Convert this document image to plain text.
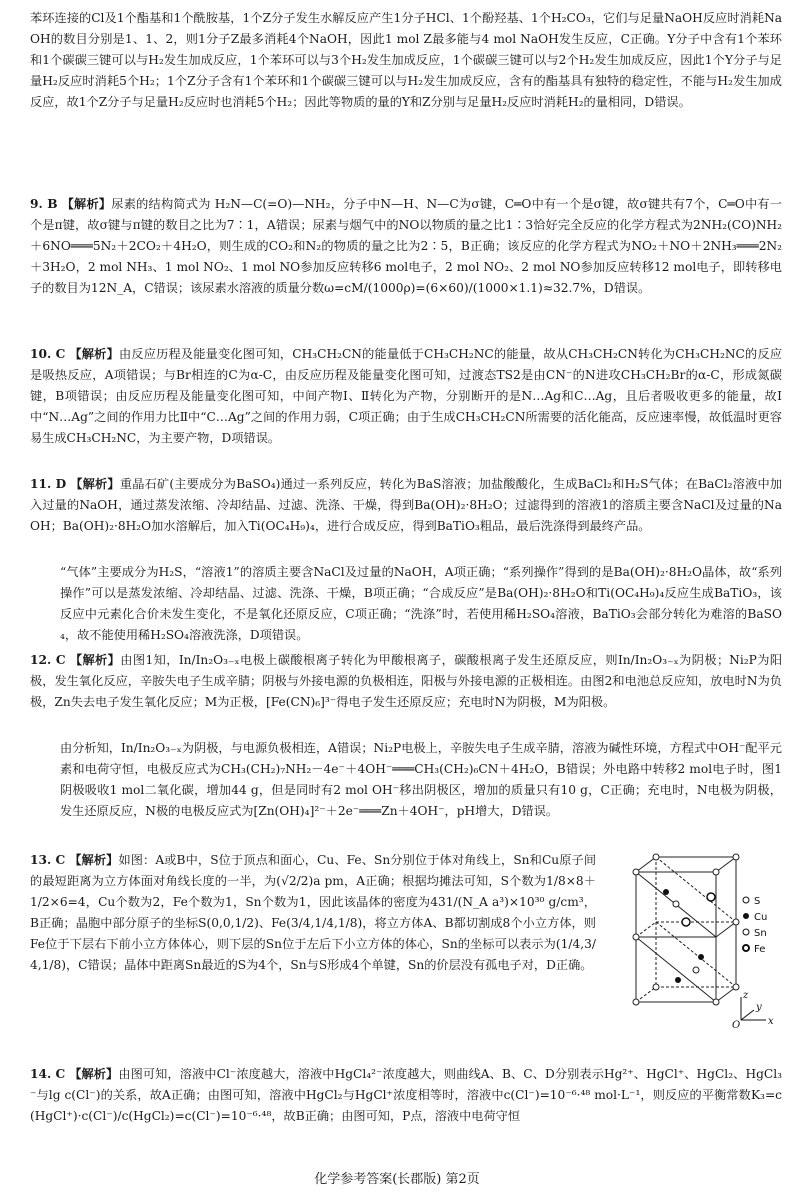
苯环连接的Cl及1个酯基和1个酰胺基，1个Z分子发生水解反应产生1分子HCl、1个酚羟基、1个H₂CO₃，它们与足量NaOH反应时消耗NaOH的数目分别是1、1、2，则1分子Z最多消耗4个NaOH，因此1 mol Z最多能与4 mol NaOH发生反应，C正确。Y分子中含有1个苯环和1个碳碳三键可以与H₂发生加成反应，1个苯环可以与3个H₂发生加成反应，1个碳碳三键可以与2个H₂发生加成反应，因此1个Y分子与足量H₂反应时消耗5个H₂；1个Z分子含有1个苯环和1个碳碳三键可以与H₂发生加成反应，含有的酯基具有独特的稳定性，不能与H₂发生加成反应，故1个Z分子与足量H₂反应时也消耗5个H₂；因此等物质的量的Y和Z分别与足量H₂反应时消耗H₂的量相同，D错误。
9. B 【解析】尿素的结构简式为 H₂N—C(=O)—NH₂，分子中N—H、N—C为σ键，C═O中有一个是σ键，故σ键共有7个，C═O中有一个是π键，故σ键与π键的数目之比为7∶1，A错误；尿素与烟气中的NO以物质的量之比1∶3恰好完全反应的化学方程式为2NH₂(CO)NH₂＋6NO═══5N₂＋2CO₂＋4H₂O，则生成的CO₂和N₂的物质的量之比为2∶5，B正确；该反应的化学方程式为NO₂＋NO＋2NH₃═══2N₂＋3H₂O，2 mol NH₃、1 mol NO₂、1 mol NO参加反应转移6 mol电子，2 mol NO₂、2 mol NO参加反应转移12 mol电子，即转移电子的数目为12N_A，C错误；该尿素水溶液的质量分数ω=cM/(1000ρ)=(6×60)/(1000×1.1)≈32.7%，D错误。
10. C 【解析】由反应历程及能量变化图可知，CH₃CH₂CN的能量低于CH₃CH₂NC的能量，故从CH₃CH₂CN转化为CH₃CH₂NC的反应是吸热反应，A项错误；与Br相连的C为α-C，由反应历程及能量变化图可知，过渡态TS2是由CN⁻的N进攻CH₃CH₂Br的α-C，形成氮碳键，B项错误；由反应历程及能量变化图可知，中间产物Ⅰ、Ⅱ转化为产物，分别断开的是N…Ag和C…Ag，且后者吸收更多的能量，故Ⅰ中“N…Ag”之间的作用力比Ⅱ中“C…Ag”之间的作用力弱，C项正确；由于生成CH₃CH₂CN所需要的活化能高，反应速率慢，故低温时更容易生成CH₃CH₂NC，为主要产物，D项错误。
11. D 【解析】重晶石矿(主要成分为BaSO₄)通过一系列反应，转化为BaS溶液；加盐酸酸化，生成BaCl₂和H₂S气体；在BaCl₂溶液中加入过量的NaOH，通过蒸发浓缩、冷却结晶、过滤、洗涤、干燥，得到Ba(OH)₂·8H₂O；过滤得到的溶液1的溶质主要含NaCl及过量的NaOH；Ba(OH)₂·8H₂O加水溶解后，加入Ti(OC₄H₉)₄，进行合成反应，得到BaTiO₃粗品，最后洗涤得到最终产品。
“气体”主要成分为H₂S，“溶液1”的溶质主要含NaCl及过量的NaOH，A项正确；“系列操作”得到的是Ba(OH)₂·8H₂O晶体，故“系列操作”可以是蒸发浓缩、冷却结晶、过滤、洗涤、干燥，B项正确；“合成反应”是Ba(OH)₂·8H₂O和Ti(OC₄H₉)₄反应生成BaTiO₃，该反应中元素化合价未发生变化，不是氧化还原反应，C项正确；“洗涤”时，若使用稀H₂SO₄溶液，BaTiO₃会部分转化为难溶的BaSO₄，故不能使用稀H₂SO₄溶液洗涤，D项错误。
12. C 【解析】由图1知，In/In₂O₃₋ₓ电极上碳酸根离子转化为甲酸根离子，碳酸根离子发生还原反应，则In/In₂O₃₋ₓ为阴极；Ni₂P为阳极，发生氧化反应，辛胺失电子生成辛腈；阴极与外接电源的负极相连，阳极与外接电源的正极相连。由图2和电池总反应知，放电时N为负极，Zn失去电子发生氧化反应；M为正极，[Fe(CN)₆]³⁻得电子发生还原反应；充电时N为阴极，M为阳极。
由分析知，In/In₂O₃₋ₓ为阴极，与电源负极相连，A错误；Ni₂P电极上，辛胺失电子生成辛腈，溶液为碱性环境，方程式中OH⁻配平元素和电荷守恒，电极反应式为CH₃(CH₂)₇NH₂－4e⁻＋4OH⁻═══CH₃(CH₂)₆CN＋4H₂O，B错误；外电路中转移2 mol电子时，图1阴极吸收1 mol二氧化碳，增加44 g，但是同时有2 mol OH⁻移出阴极区，增加的质量只有10 g，C正确；充电时，N电极为阴极，发生还原反应，N极的电极反应式为[Zn(OH)₄]²⁻＋2e⁻═══Zn＋4OH⁻，pH增大，D错误。
13. C 【解析】如图：A或B中，S位于顶点和面心，Cu、Fe、Sn分别位于体对角线上，Sn和Cu原子间的最短距离为立方体面对角线长度的一半，为(√2/2)a pm，A正确；根据均摊法可知，S个数为1/8×8＋1/2×6=4，Cu个数为2，Fe个数为1，Sn个数为1，因此该晶体的密度为431/(N_A a³)×10³⁰ g/cm³，B正确；晶胞中部分原子的坐标S(0,0,1/2)、Fe(3/4,1/4,1/8)，将立方体A、B都切割成8个小立方体，则Fe位于下层右下前小立方体体心，则下层的Sn位于左后下小立方体的体心，Sn的坐标可以表示为(1/4,3/4,1/8)，C错误；晶体中距离Sn最近的S为4个，Sn与S形成4个单键，Sn的价层没有孤电子对，D正确。
S
Cu
Sn
Fe
z
y
x
O
14. C 【解析】由图可知，溶液中Cl⁻浓度越大，溶液中HgCl₄²⁻浓度越大，则曲线A、B、C、D分别表示Hg²⁺、HgCl⁺、HgCl₂、HgCl₃⁻与lg c(Cl⁻)的关系，故A正确；由图可知，溶液中HgCl₂与HgCl⁺浓度相等时，溶液中c(Cl⁻)=10⁻⁶·⁴⁸ mol·L⁻¹，则反应的平衡常数K₃=c(HgCl⁺)·c(Cl⁻)/c(HgCl₂)=c(Cl⁻)=10⁻⁶·⁴⁸，故B正确；由图可知，P点，溶液中电荷守恒
化学参考答案(长郡版) 第2页
